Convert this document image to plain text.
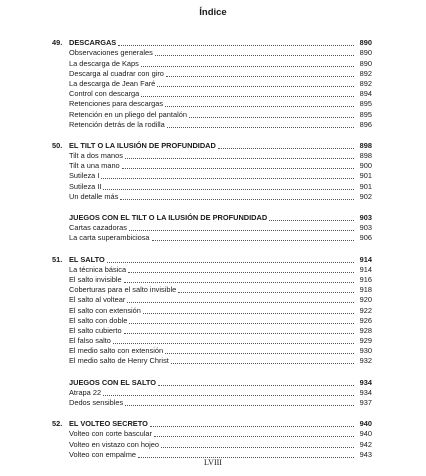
Índice
49. DESCARGAS	890
Observaciones generales	890
La descarga de Kaps	890
Descarga al cuadrar con giro	892
La descarga de Jean Faré	892
Control con descarga	894
Retenciones para descargas	895
Retención en un pliego del pantalón	895
Retención detrás de la rodilla	896
50. EL TILT O LA ILUSIÓN DE PROFUNDIDAD	898
Tilt a dos manos	898
Tilt a una mano	900
Sutileza I	901
Sutileza II	901
Un detalle más	902
JUEGOS CON EL TILT O LA ILUSIÓN DE PROFUNDIDAD	903
Cartas cazadoras	903
La carta superambiciosa	906
51. EL SALTO	914
La técnica básica	914
El salto invisible	916
Coberturas para el salto invisible	918
El salto al voltear	920
El salto con extensión	922
El salto con doble	926
El salto cubierto	928
El falso salto	929
El medio salto con extensión	930
El medio salto de Henry Christ	932
JUEGOS CON EL SALTO	934
Atrapa 22	934
Dedos sensibles	937
52. EL VOLTEO SECRETO	940
Volteo con corte bascular	940
Volteo en vistazo con hojeo	942
Volteo con empalme	943
LVIII
